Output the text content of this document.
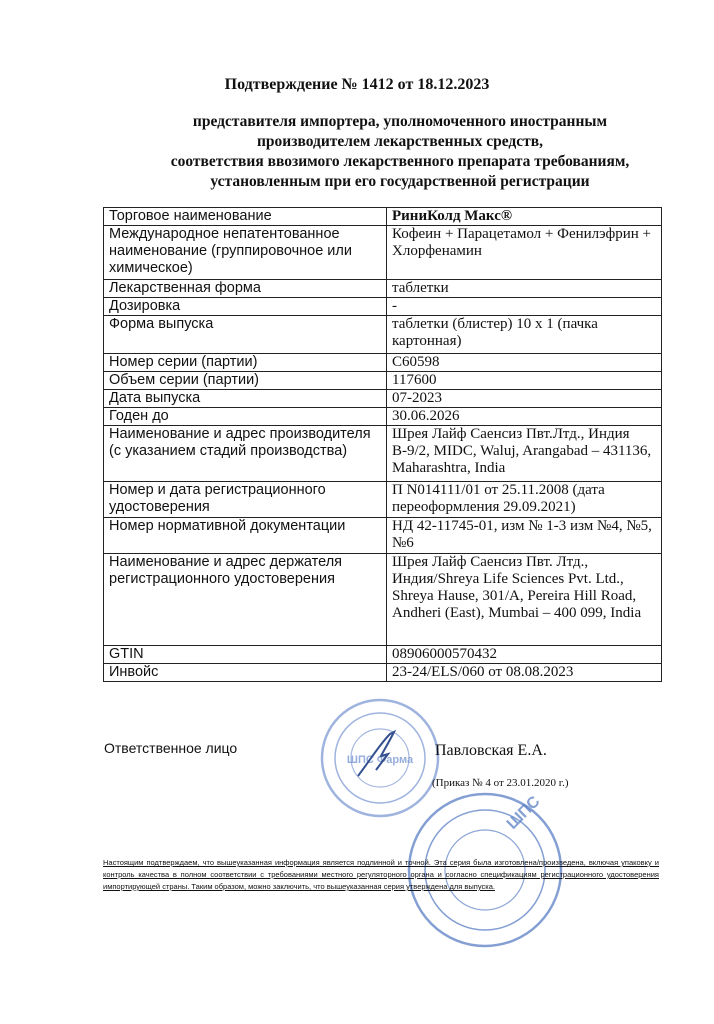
Подтверждение № 1412 от 18.12.2023
представителя импортера, уполномоченного иностранным
производителем лекарственных средств,
соответствия ввозимого лекарственного препарата требованиям,
установленным при его государственной регистрации
Торговое наименование	РиниКолд Макс®
Международное непатентованное наименование (группировочное или химическое)	Кофеин + Парацетамол + Фенилэфрин + Хлорфенамин
Лекарственная форма	таблетки
Дозировка	-
Форма выпуска	таблетки (блистер) 10 х 1 (пачка картонная)
Номер серии (партии)	С60598
Объем серии (партии)	117600
Дата выпуска	07-2023
Годен до	30.06.2026
Наименование и адрес производителя (с указанием стадий производства)	Шрея Лайф Саенсиз Пвт.Лтд., Индия В-9/2, MIDC, Waluj, Arangabad – 431136, Maharashtra, India
Номер и дата регистрационного удостоверения	П N014111/01 от 25.11.2008 (дата переоформления 29.09.2021)
Номер нормативной документации	НД 42-11745-01, изм № 1-3 изм №4, №5, №6
Наименование и адрес держателя регистрационного удостоверения	Шрея Лайф Саенсиз Пвт. Лтд., Индия/Shreya Life Sciences Pvt. Ltd., Shreya Hause, 301/A, Pereira Hill Road, Andheri (East), Mumbai – 400 099, India
GTIN	08906000570432
Инвойс	23-24/ELS/060 от 08.08.2023
Ответственное лицо
ШПС Фарма
Павловская Е.А.
(Приказ № 4 от 23.01.2020 г.)
ШПС
Настоящим подтверждаем, что вышеуказанная информация является подлинной и точной. Эта серия была изготовлена/произведена, включая упаковку и контроль качества в полном соответствии с требованиями местного регуляторного органа и согласно спецификациям регистрационного удостоверения импортирующей страны. Таким образом, можно заключить, что вышеуказанная серия утверждена для выпуска.
